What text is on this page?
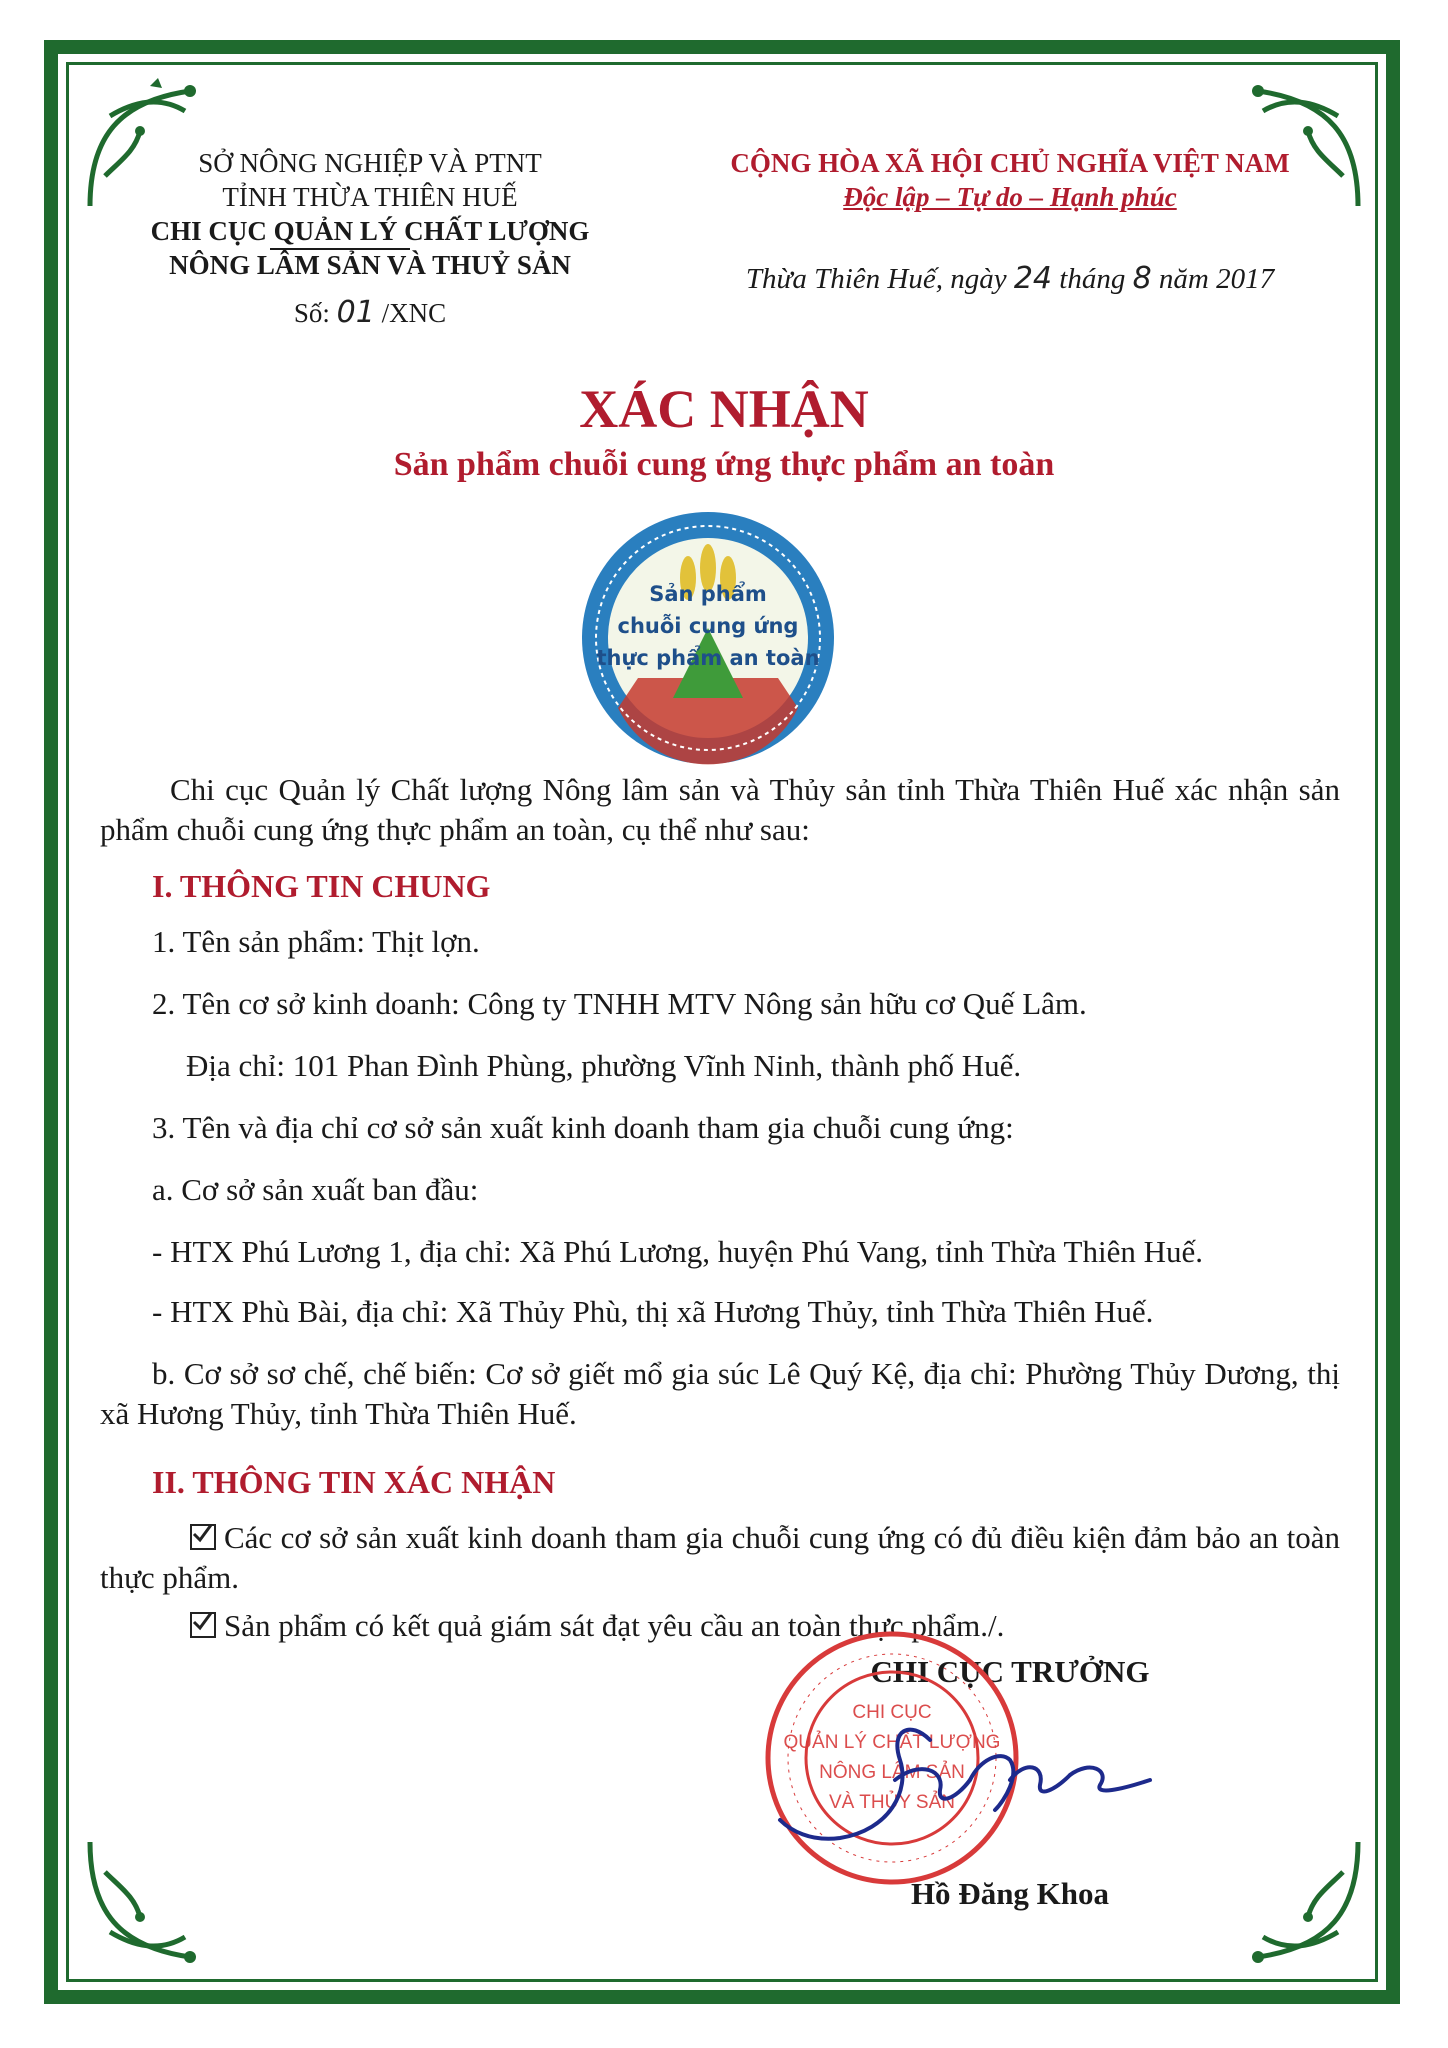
SỞ NÔNG NGHIỆP VÀ PTNT
TỈNH THỪA THIÊN HUẾ
CHI CỤC QUẢN LÝ CHẤT LƯỢNG
NÔNG LÂM SẢN VÀ THUỶ SẢN
Số: 01 /XNC
CỘNG HÒA XÃ HỘI CHỦ NGHĨA VIỆT NAM
Độc lập – Tự do – Hạnh phúc
Thừa Thiên Huế, ngày 24 tháng 8 năm 2017
XÁC NHẬN
Sản phẩm chuỗi cung ứng thực phẩm an toàn
Sản phẩm
chuỗi cung ứng
thực phẩm an toàn
Chi cục Quản lý Chất lượng Nông lâm sản và Thủy sản tỉnh Thừa Thiên Huế xác nhận sản phẩm chuỗi cung ứng thực phẩm an toàn, cụ thể như sau:
I. THÔNG TIN CHUNG
1. Tên sản phẩm: Thịt lợn.
2. Tên cơ sở kinh doanh: Công ty TNHH MTV Nông sản hữu cơ Quế Lâm.
Địa chỉ: 101 Phan Đình Phùng, phường Vĩnh Ninh, thành phố Huế.
3. Tên và địa chỉ cơ sở sản xuất kinh doanh tham gia chuỗi cung ứng:
a. Cơ sở sản xuất ban đầu:
- HTX Phú Lương 1, địa chỉ: Xã Phú Lương, huyện Phú Vang, tỉnh Thừa Thiên Huế.
- HTX Phù Bài, địa chỉ: Xã Thủy Phù, thị xã Hương Thủy, tỉnh Thừa Thiên Huế.
b. Cơ sở sơ chế, chế biến: Cơ sở giết mổ gia súc Lê Quý Kệ, địa chỉ: Phường Thủy Dương, thị xã Hương Thủy, tỉnh Thừa Thiên Huế.
II. THÔNG TIN XÁC NHẬN
Các cơ sở sản xuất kinh doanh tham gia chuỗi cung ứng có đủ điều kiện đảm bảo an toàn thực phẩm.
Sản phẩm có kết quả giám sát đạt yêu cầu an toàn thực phẩm./.
CHI CỤC TRƯỞNG
CHI CỤC
QUẢN LÝ CHẤT LƯỢNG
NÔNG LÂM SẢN
VÀ THỦY SẢN
Hồ Đăng Khoa
